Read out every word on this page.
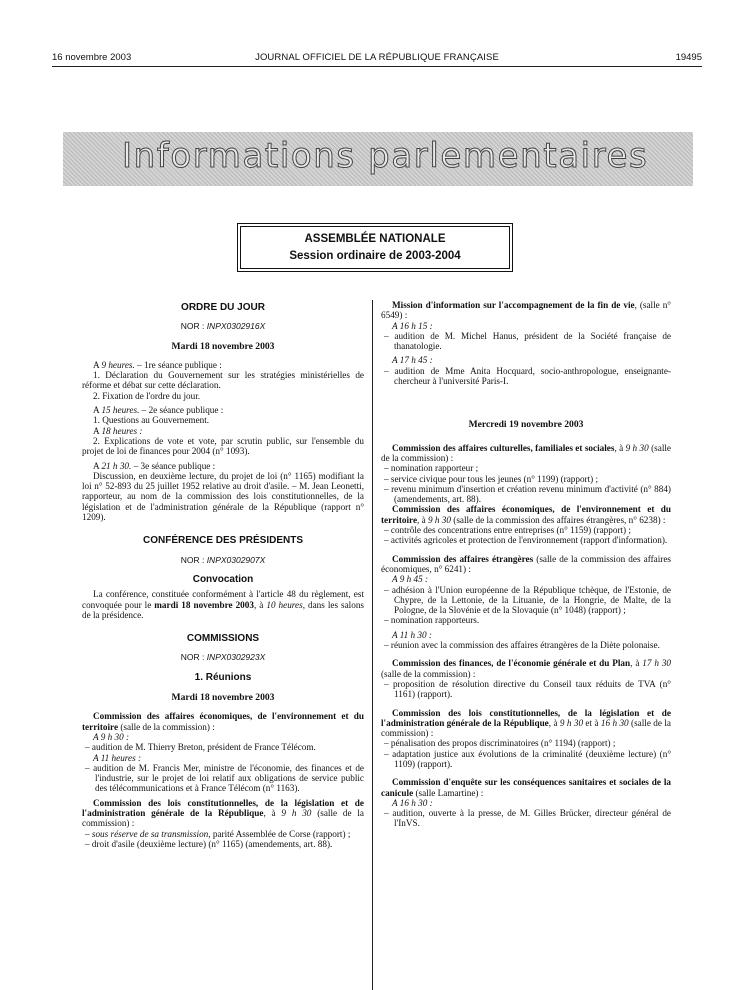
16 novembre 2003	JOURNAL OFFICIEL DE LA RÉPUBLIQUE FRANÇAISE	19495
Informations parlementaires
ASSEMBLÉE NATIONALE
Session ordinaire de 2003-2004
ORDRE DU JOUR
NOR : INPX0302916X
Mardi 18 novembre 2003

A 9 heures. – 1re séance publique :

1. Déclaration du Gouvernement sur les stratégies ministérielles de réforme et débat sur cette déclaration.

2. Fixation de l'ordre du jour.

A 15 heures. – 2e séance publique :

1. Questions au Gouvernement.

A 18 heures :

2. Explications de vote et vote, par scrutin public, sur l'ensemble du projet de loi de finances pour 2004 (n° 1093).

A 21 h 30. – 3e séance publique :

Discussion, en deuxième lecture, du projet de loi (n° 1165) modifiant la loi n° 52-893 du 25 juillet 1952 relative au droit d'asile. – M. Jean Leonetti, rapporteur, au nom de la commission des lois constitutionnelles, de la législation et de l'administration générale de la République (rapport n° 1209).

CONFÉRENCE DES PRÉSIDENTS
NOR : INPX0302907X
Convocation

La conférence, constituée conformément à l'article 48 du règlement, est convoquée pour le mardi 18 novembre 2003, à 10 heures, dans les salons de la présidence.

COMMISSIONS
NOR : INPX0302923X
1. Réunions
Mardi 18 novembre 2003

Commission des affaires économiques, de l'environnement et du territoire (salle de la commission) :

A 9 h 30 :

– audition de M. Thierry Breton, président de France Télécom.

A 11 heures :

– audition de M. Francis Mer, ministre de l'économie, des finances et de l'industrie, sur le projet de loi relatif aux obligations de service public des télécommunications et à France Télécom (n° 1163).

Commission des lois constitutionnelles, de la législation et de l'administration générale de la République, à 9 h 30 (salle de la commission) :

– sous réserve de sa transmission, parité Assemblée de Corse (rapport) ;

– droit d'asile (deuxième lecture) (n° 1165) (amendements, art. 88).

Mission d'information sur l'accompagnement de la fin de vie, (salle n° 6549) :

A 16 h 15 :

– audition de M. Michel Hanus, président de la Société française de thanatologie.

A 17 h 45 :

– audition de Mme Anita Hocquard, socio-anthropologue, enseignante-chercheur à l'université Paris-I.

Mercredi 19 novembre 2003

Commission des affaires culturelles, familiales et sociales, à 9 h 30 (salle de la commission) :

– nomination rapporteur ;

– service civique pour tous les jeunes (n° 1199) (rapport) ;

– revenu minimum d'insertion et création revenu minimum d'activité (n° 884) (amendements, art. 88).

Commission des affaires économiques, de l'environnement et du territoire, à 9 h 30 (salle de la commission des affaires étrangères, n° 6238) :

– contrôle des concentrations entre entreprises (n° 1159) (rapport) ;

– activités agricoles et protection de l'environnement (rapport d'information).

Commission des affaires étrangères (salle de la commission des affaires économiques, n° 6241) :

A 9 h 45 :

– adhésion à l'Union européenne de la République tchèque, de l'Estonie, de Chypre, de la Lettonie, de la Lituanie, de la Hongrie, de Malte, de la Pologne, de la Slovénie et de la Slovaquie (n° 1048) (rapport) ;

– nomination rapporteurs.

A 11 h 30 :

– réunion avec la commission des affaires étrangères de la Diète polonaise.

Commission des finances, de l'économie générale et du Plan, à 17 h 30 (salle de la commission) :

– proposition de résolution directive du Conseil taux réduits de TVA (n° 1161) (rapport).

Commission des lois constitutionnelles, de la législation et de l'administration générale de la République, à 9 h 30 et à 16 h 30 (salle de la commission) :

– pénalisation des propos discriminatoires (n° 1194) (rapport) ;

– adaptation justice aux évolutions de la criminalité (deuxième lecture) (n° 1109) (rapport).

Commission d'enquête sur les conséquences sanitaires et sociales de la canicule (salle Lamartine) :

A 16 h 30 :

– audition, ouverte à la presse, de M. Gilles Brücker, directeur général de l'InVS.
